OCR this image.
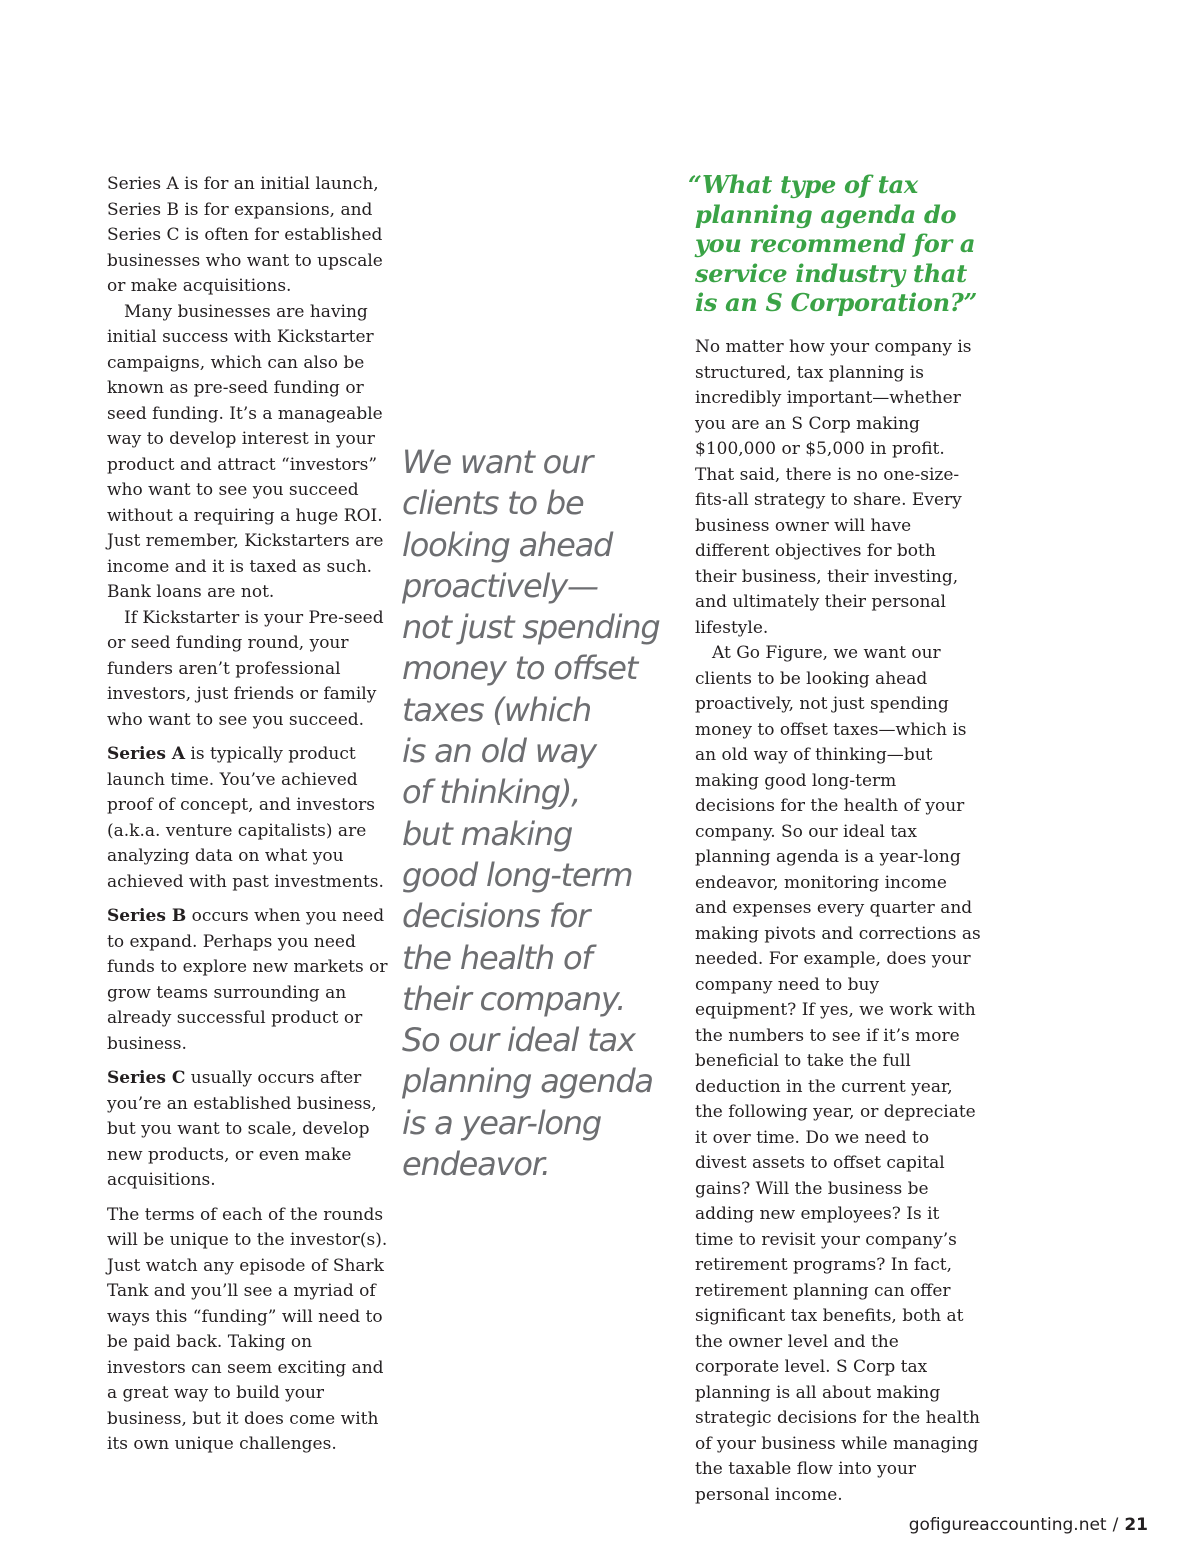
Series A is for an initial launch, Series B is for expansions, and Series C is often for established businesses who want to upscale or make acquisitions.

Many businesses are having initial success with Kickstarter campaigns, which can also be known as pre-seed funding or seed funding. It’s a manageable way to develop interest in your product and attract “investors” who want to see you succeed without a requiring a huge ROI. Just remember, Kickstarters are income and it is taxed as such. Bank loans are not.

If Kickstarter is your Pre-seed or seed funding round, your funders aren’t professional investors, just friends or family who want to see you succeed.

Series A is typically product launch time. You’ve achieved proof of concept, and investors (a.k.a. venture capitalists) are analyzing data on what you achieved with past investments.

Series B occurs when you need to expand. Perhaps you need funds to explore new markets or grow teams surrounding an already successful product or business.

Series C usually occurs after you’re an established business, but you want to scale, develop new products, or even make acquisitions.

The terms of each of the rounds will be unique to the investor(s). Just watch any episode of Shark Tank and you’ll see a myriad of ways this “funding” will need to be paid back. Taking on investors can seem exciting and a great way to build your business, but it does come with its own unique challenges.

We want our
clients to be
looking ahead
proactively—
not just spending
money to offset
taxes (which
is an old way
of thinking),
but making
good long-term
decisions for
the health of
their company.
So our ideal tax
planning agenda
is a year-long
endeavor.
“What type of tax
planning agenda do
you recommend for a
service industry that
is an S Corporation?”

No matter how your company is structured, tax planning is incredibly important—whether you are an S Corp making $100,000 or $5,000 in profit. That said, there is no one-size-fits-all strategy to share. Every business owner will have different objectives for both their business, their investing, and ultimately their personal lifestyle.

At Go Figure, we want our clients to be looking ahead proactively, not just spending money to offset taxes—which is an old way of thinking—but making good long-term decisions for the health of your company. So our ideal tax planning agenda is a year-long endeavor, monitoring income and expenses every quarter and making pivots and corrections as needed. For example, does your company need to buy equipment? If yes, we work with the numbers to see if it’s more beneficial to take the full deduction in the current year, the following year, or depreciate it over time. Do we need to divest assets to offset capital gains? Will the business be adding new employees? Is it time to revisit your company’s retirement programs? In fact, retirement planning can offer significant tax benefits, both at the owner level and the corporate level. S Corp tax planning is all about making strategic decisions for the health of your business while managing the taxable flow into your personal income.

gofigureaccounting.net / 21
